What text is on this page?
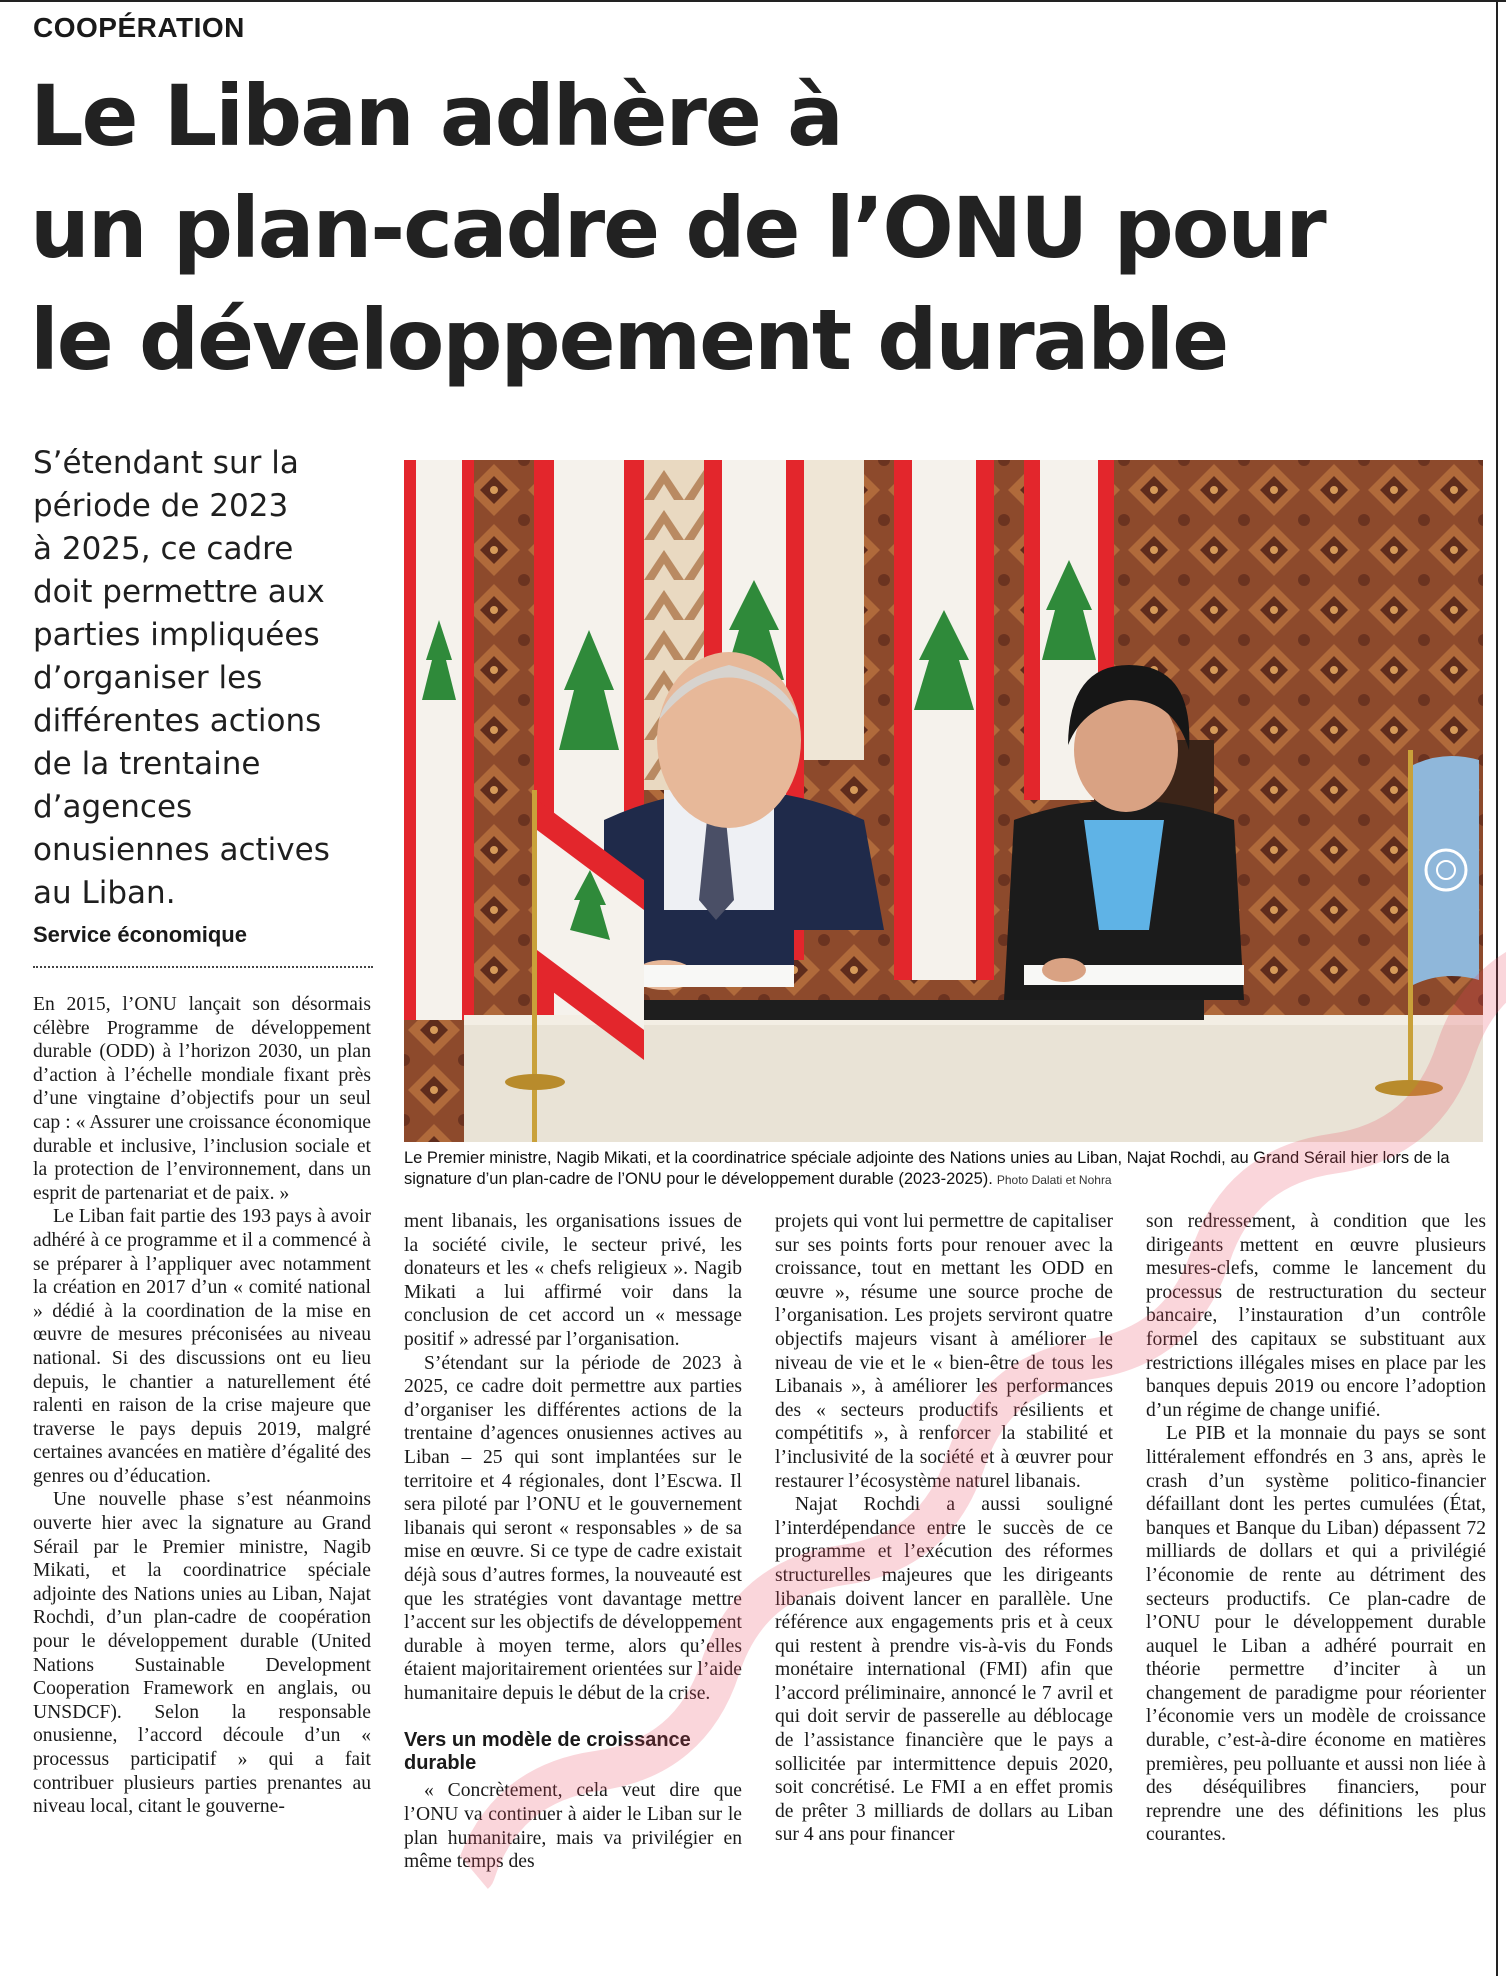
COOPÉRATION
Le Liban adhère à
un plan-cadre de l’ONU pour
le développement durable
S’étendant sur la
période de 2023
à 2025, ce cadre
doit permettre aux
parties impliquées
d’organiser les
différentes actions
de la trentaine
d’agences
onusiennes actives
au Liban.
Service économique
Le Premier ministre, Nagib Mikati, et la coordinatrice spéciale adjointe des Nations unies au Liban, Najat Rochdi, au Grand Sérail hier lors de la signature d’un plan-cadre de l’ONU pour le développement durable (2023-2025). Photo Dalati et Nohra

En 2015, l’ONU lançait son désormais célèbre Programme de développement durable (ODD) à l’horizon 2030, un plan d’action à l’échelle mondiale fixant près d’une vingtaine d’objectifs pour un seul cap : « Assurer une croissance économique durable et inclusive, l’inclusion sociale et la protection de l’environnement, dans un esprit de partenariat et de paix. »

Le Liban fait partie des 193 pays à avoir adhéré à ce programme et il a commencé à se préparer à l’appliquer avec notamment la création en 2017 d’un « comité national » dédié à la coordination de la mise en œuvre de mesures préconisées au niveau national. Si des discussions ont eu lieu depuis, le chantier a naturellement été ralenti en raison de la crise majeure que traverse le pays depuis 2019, malgré certaines avancées en matière d’égalité des genres ou d’éducation.

Une nouvelle phase s’est néanmoins ouverte hier avec la signature au Grand Sérail par le Premier ministre, Nagib Mikati, et la coordinatrice spéciale adjointe des Nations unies au Liban, Najat Rochdi, d’un plan-cadre de coopération pour le développement durable (United Nations Sustainable Development Cooperation Framework en anglais, ou UNSDCF). Selon la responsable onusienne, l’accord découle d’un « processus participatif » qui a fait contribuer plusieurs parties prenantes au niveau local, citant le gouverne-

ment libanais, les organisations issues de la société civile, le secteur privé, les donateurs et les « chefs religieux ». Nagib Mikati a lui affirmé voir dans la conclusion de cet accord un « message positif » adressé par l’organisation.

S’étendant sur la période de 2023 à 2025, ce cadre doit permettre aux parties d’organiser les différentes actions de la trentaine d’agences onusiennes actives au Liban – 25 qui sont implantées sur le territoire et 4 régionales, dont l’Escwa. Il sera piloté par l’ONU et le gouvernement libanais qui seront « responsables » de sa mise en œuvre. Si ce type de cadre existait déjà sous d’autres formes, la nouveauté est que les stratégies vont davantage mettre l’accent sur les objectifs de développement durable à moyen terme, alors qu’elles étaient majoritairement orientées sur l’aide humanitaire depuis le début de la crise.

Vers un modèle de croissance durable

« Concrètement, cela veut dire que l’ONU va continuer à aider le Liban sur le plan humanitaire, mais va privilégier en même temps des

projets qui vont lui permettre de capitaliser sur ses points forts pour renouer avec la croissance, tout en mettant les ODD en œuvre », résume une source proche de l’organisation. Les projets serviront quatre objectifs majeurs visant à améliorer le niveau de vie et le « bien-être de tous les Libanais », à améliorer les performances des « secteurs productifs résilients et compétitifs », à renforcer la stabilité et l’inclusivité de la société et à œuvrer pour restaurer l’écosystème naturel libanais.

Najat Rochdi a aussi souligné l’interdépendance entre le succès de ce programme et l’exécution des réformes structurelles majeures que les dirigeants libanais doivent lancer en parallèle. Une référence aux engagements pris et à ceux qui restent à prendre vis-à-vis du Fonds monétaire international (FMI) afin que l’accord préliminaire, annoncé le 7 avril et qui doit servir de passerelle au déblocage de l’assistance financière que le pays a sollicitée par intermittence depuis 2020, soit concrétisé. Le FMI a en effet promis de prêter 3 milliards de dollars au Liban sur 4 ans pour financer

son redressement, à condition que les dirigeants mettent en œuvre plusieurs mesures-clefs, comme le lancement du processus de restructuration du secteur bancaire, l’instauration d’un contrôle formel des capitaux se substituant aux restrictions illégales mises en place par les banques depuis 2019 ou encore l’adoption d’un régime de change unifié.

Le PIB et la monnaie du pays se sont littéralement effondrés en 3 ans, après le crash d’un système politico-financier défaillant dont les pertes cumulées (État, banques et Banque du Liban) dépassent 72 milliards de dollars et qui a privilégié l’économie de rente au détriment des secteurs productifs. Ce plan-cadre de l’ONU pour le développement durable auquel le Liban a adhéré pourrait en théorie permettre d’inciter à un changement de paradigme pour réorienter l’économie vers un modèle de croissance durable, c’est-à-dire économe en matières premières, peu polluante et aussi non liée à des déséquilibres financiers, pour reprendre une des définitions les plus courantes.
